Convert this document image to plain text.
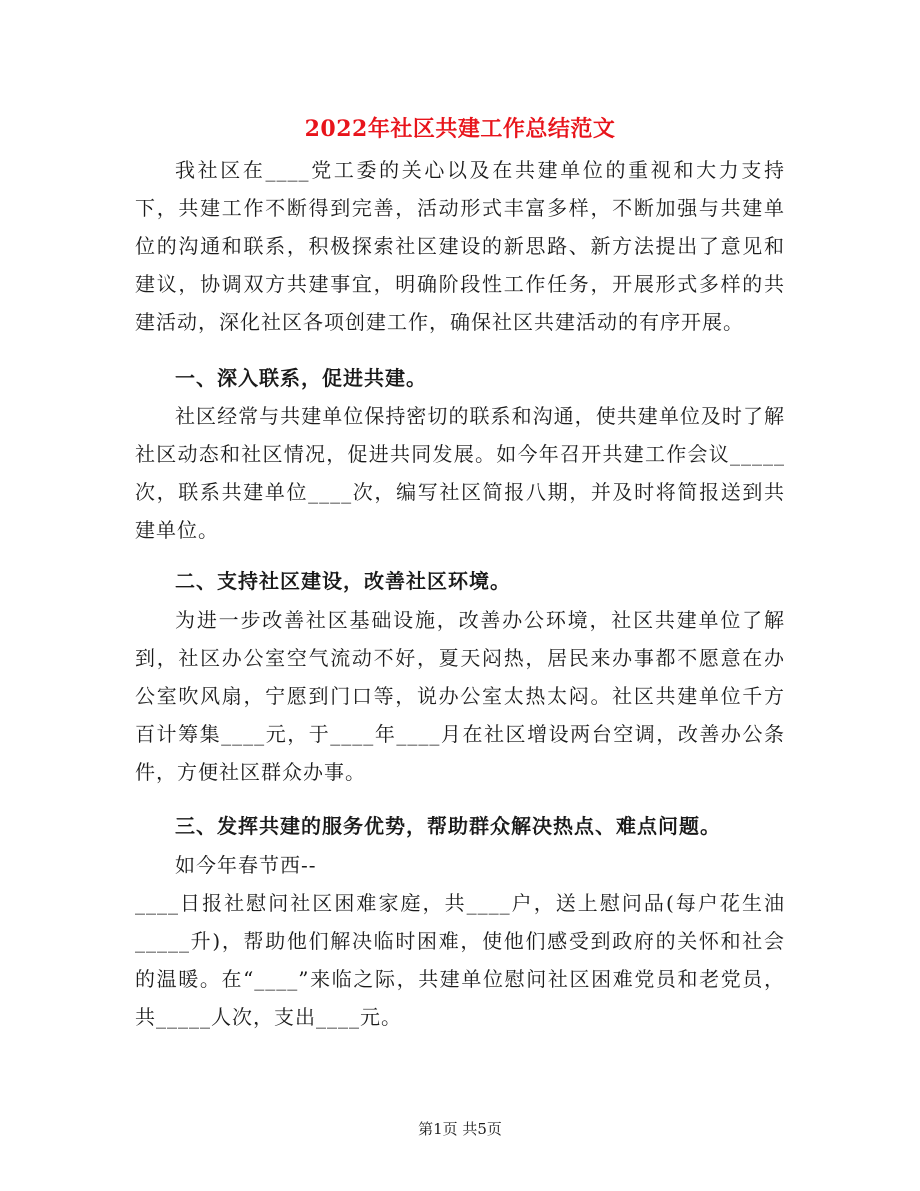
2022年社区共建工作总结范文

我社区在____党工委的关心以及在共建单位的重视和大力支持下，共建工作不断得到完善，活动形式丰富多样，不断加强与共建单位的沟通和联系，积极探索社区建设的新思路、新方法提出了意见和建议，协调双方共建事宜，明确阶段性工作任务，开展形式多样的共建活动，深化社区各项创建工作，确保社区共建活动的有序开展。

一、深入联系，促进共建。

社区经常与共建单位保持密切的联系和沟通，使共建单位及时了解社区动态和社区情况，促进共同发展。如今年召开共建工作会议_____次，联系共建单位____次，编写社区简报八期，并及时将简报送到共建单位。

二、支持社区建设，改善社区环境。

为进一步改善社区基础设施，改善办公环境，社区共建单位了解到，社区办公室空气流动不好，夏天闷热，居民来办事都不愿意在办公室吹风扇，宁愿到门口等，说办公室太热太闷。社区共建单位千方百计筹集____元，于____年____月在社区增设两台空调，改善办公条件，方便社区群众办事。

三、发挥共建的服务优势，帮助群众解决热点、难点问题。

如今年春节西--

____日报社慰问社区困难家庭，共____户，送上慰问品(每户花生油_____升)，帮助他们解决临时困难，使他们感受到政府的关怀和社会的温暖。在“____”来临之际，共建单位慰问社区困难党员和老党员，共_____人次，支出____元。

第1页 共5页
